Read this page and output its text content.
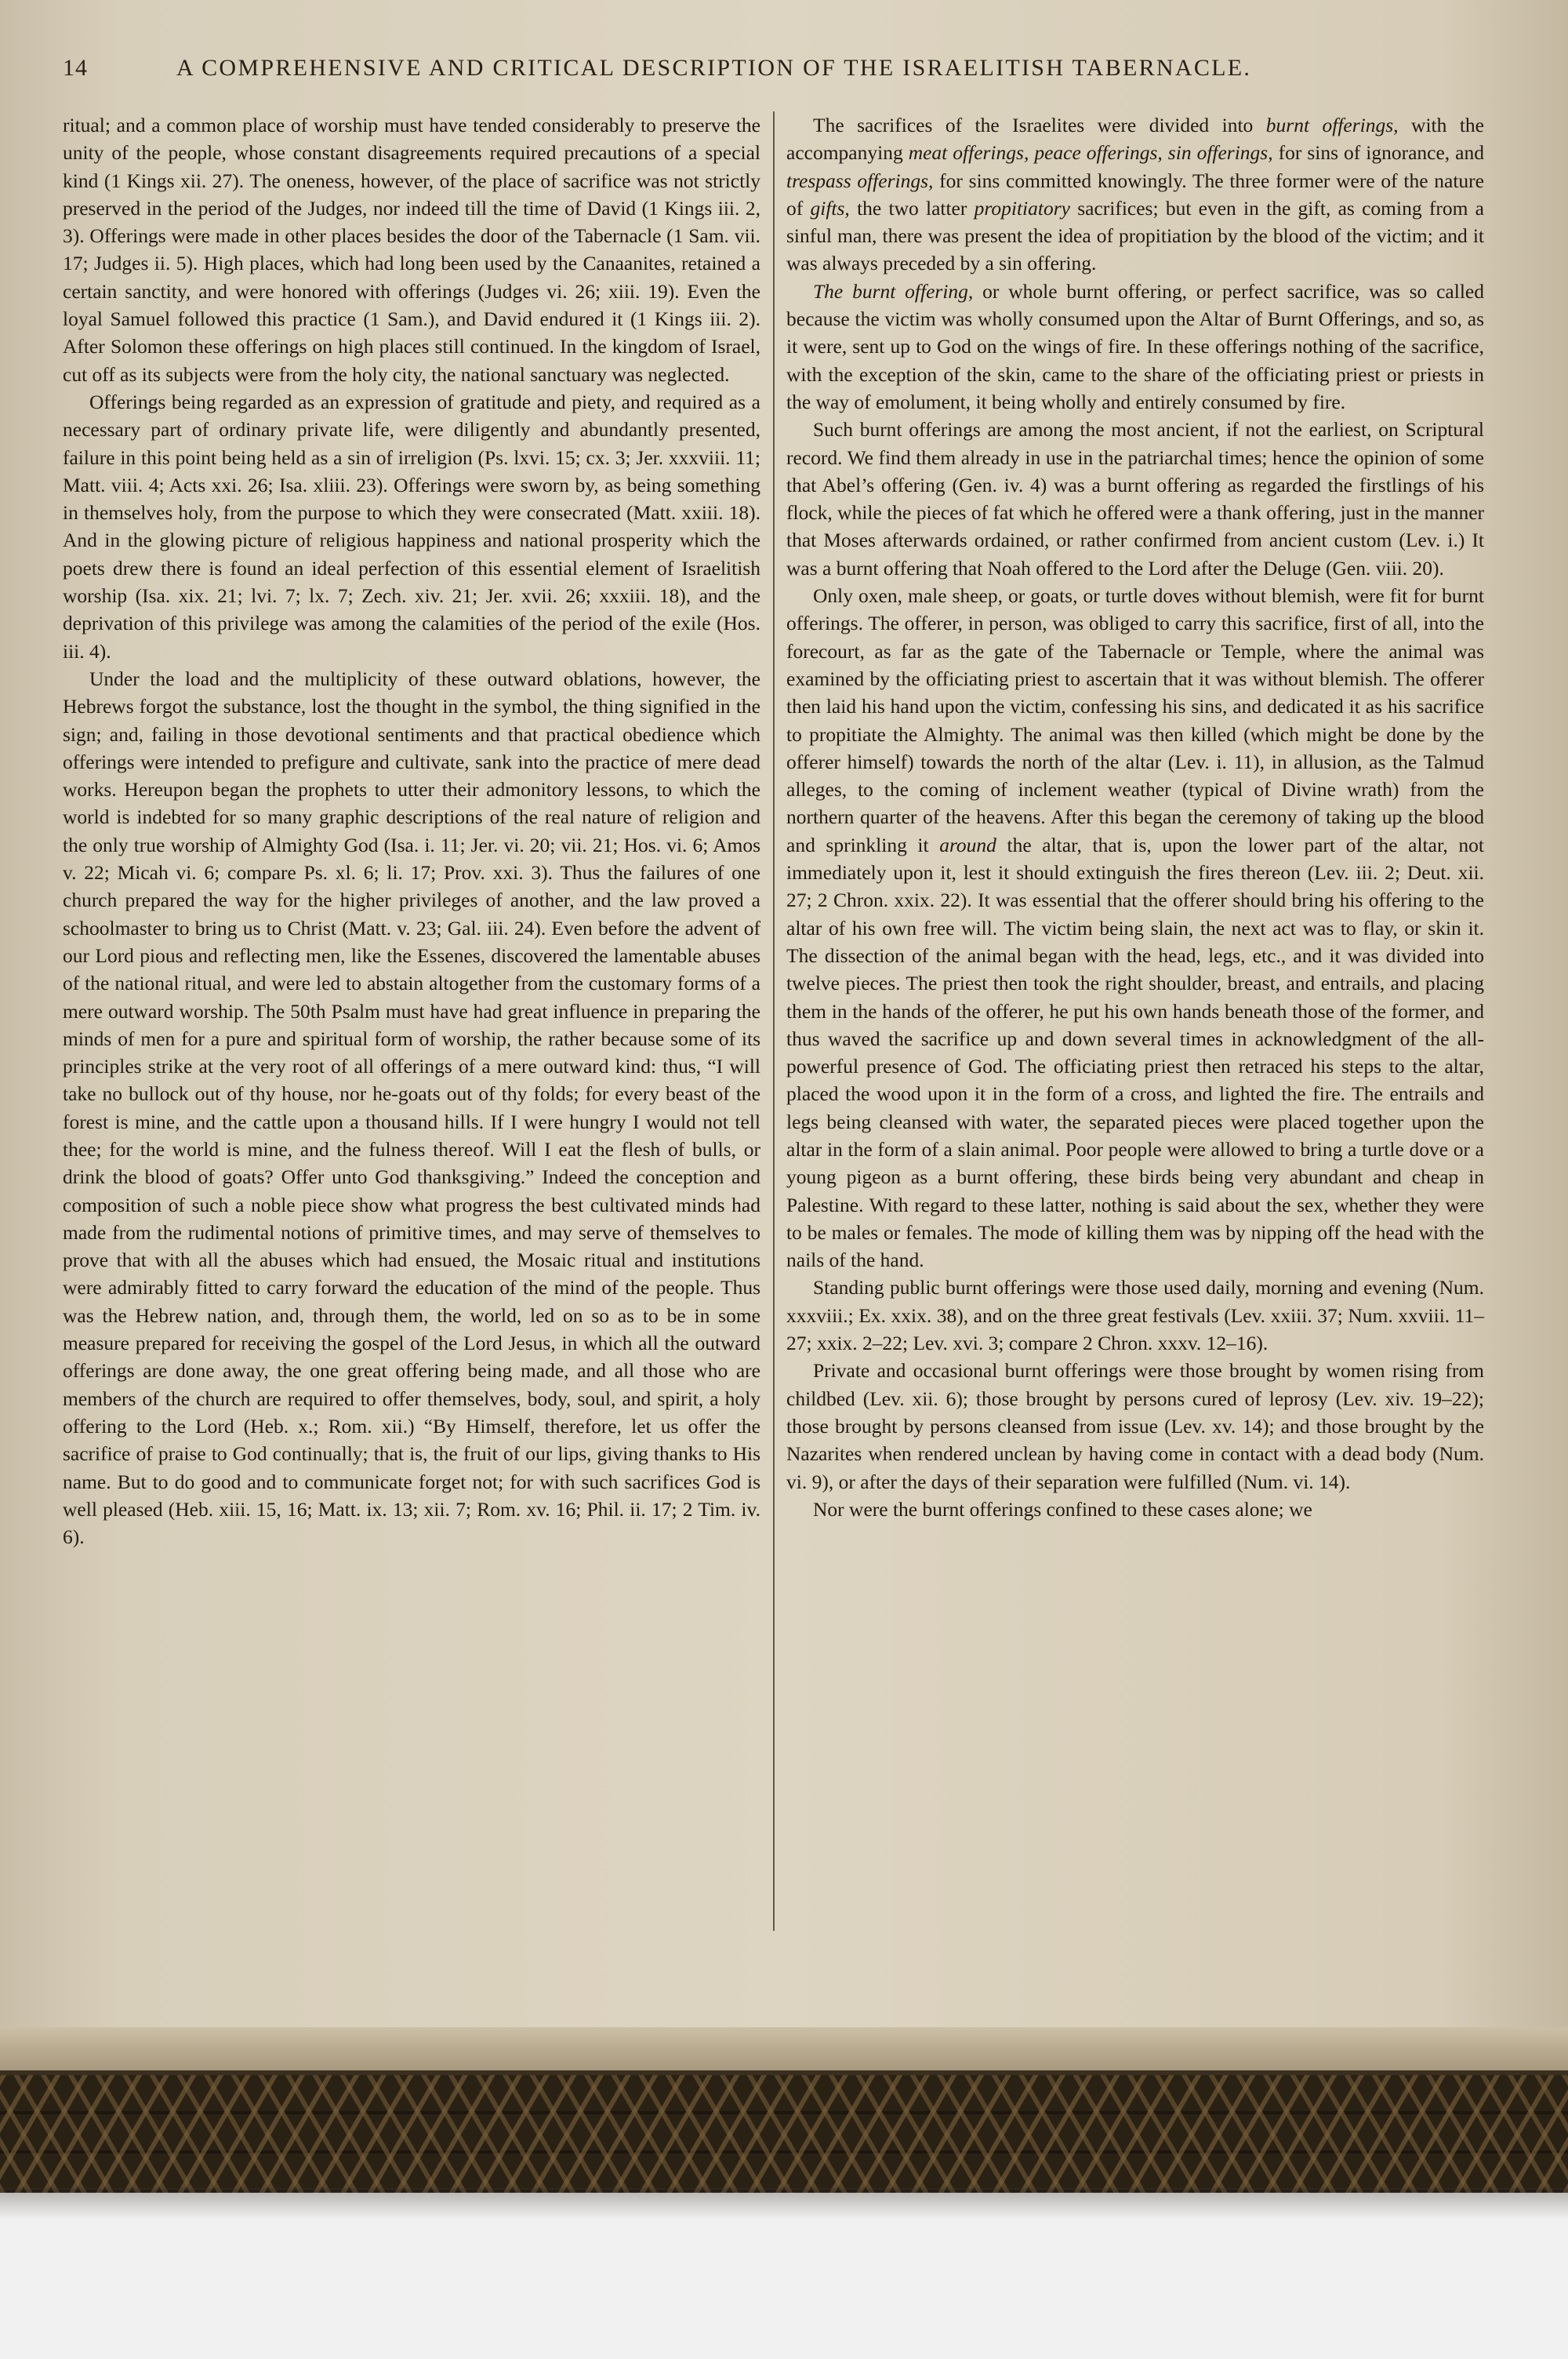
14	A COMPREHENSIVE AND CRITICAL DESCRIPTION OF THE ISRAELITISH TABERNACLE.

ritual; and a common place of worship must have tended considerably to preserve the unity of the people, whose constant disagreements required precautions of a special kind (1 Kings xii. 27). The oneness, however, of the place of sacrifice was not strictly preserved in the period of the Judges, nor indeed till the time of David (1 Kings iii. 2, 3). Offerings were made in other places besides the door of the Tabernacle (1 Sam. vii. 17; Judges ii. 5). High places, which had long been used by the Canaanites, retained a certain sanctity, and were honored with offerings (Judges vi. 26; xiii. 19). Even the loyal Samuel followed this practice (1 Sam.), and David endured it (1 Kings iii. 2). After Solomon these offerings on high places still continued. In the kingdom of Israel, cut off as its subjects were from the holy city, the national sanctuary was neglected.

Offerings being regarded as an expression of gratitude and piety, and required as a necessary part of ordinary private life, were diligently and abundantly presented, failure in this point being held as a sin of irreligion (Ps. lxvi. 15; cx. 3; Jer. xxxviii. 11; Matt. viii. 4; Acts xxi. 26; Isa. xliii. 23). Offerings were sworn by, as being something in themselves holy, from the purpose to which they were consecrated (Matt. xxiii. 18). And in the glowing picture of religious happiness and national prosperity which the poets drew there is found an ideal perfection of this essential element of Israelitish worship (Isa. xix. 21; lvi. 7; lx. 7; Zech. xiv. 21; Jer. xvii. 26; xxxiii. 18), and the deprivation of this privilege was among the calamities of the period of the exile (Hos. iii. 4).

Under the load and the multiplicity of these outward oblations, however, the Hebrews forgot the substance, lost the thought in the symbol, the thing signified in the sign; and, failing in those devotional sentiments and that practical obedience which offerings were intended to prefigure and cultivate, sank into the practice of mere dead works. Hereupon began the prophets to utter their admonitory lessons, to which the world is indebted for so many graphic descriptions of the real nature of religion and the only true worship of Almighty God (Isa. i. 11; Jer. vi. 20; vii. 21; Hos. vi. 6; Amos v. 22; Micah vi. 6; compare Ps. xl. 6; li. 17; Prov. xxi. 3). Thus the failures of one church prepared the way for the higher privileges of another, and the law proved a schoolmaster to bring us to Christ (Matt. v. 23; Gal. iii. 24). Even before the advent of our Lord pious and reflecting men, like the Essenes, discovered the lamentable abuses of the national ritual, and were led to abstain altogether from the customary forms of a mere outward worship. The 50th Psalm must have had great influence in preparing the minds of men for a pure and spiritual form of worship, the rather because some of its principles strike at the very root of all offerings of a mere outward kind: thus, “I will take no bullock out of thy house, nor he-goats out of thy folds; for every beast of the forest is mine, and the cattle upon a thousand hills. If I were hungry I would not tell thee; for the world is mine, and the fulness thereof. Will I eat the flesh of bulls, or drink the blood of goats? Offer unto God thanksgiving.” Indeed the conception and composition of such a noble piece show what progress the best cultivated minds had made from the rudimental notions of primitive times, and may serve of themselves to prove that with all the abuses which had ensued, the Mosaic ritual and institutions were admirably fitted to carry forward the education of the mind of the people. Thus was the Hebrew nation, and, through them, the world, led on so as to be in some measure prepared for receiving the gospel of the Lord Jesus, in which all the outward offerings are done away, the one great offering being made, and all those who are members of the church are required to offer themselves, body, soul, and spirit, a holy offering to the Lord (Heb. x.; Rom. xii.) “By Himself, therefore, let us offer the sacrifice of praise to God continually; that is, the fruit of our lips, giving thanks to His name. But to do good and to communicate forget not; for with such sacrifices God is well pleased (Heb. xiii. 15, 16; Matt. ix. 13; xii. 7; Rom. xv. 16; Phil. ii. 17; 2 Tim. iv. 6).

The sacrifices of the Israelites were divided into burnt offerings, with the accompanying meat offerings, peace offerings, sin offerings, for sins of ignorance, and trespass offerings, for sins committed knowingly. The three former were of the nature of gifts, the two latter propitiatory sacrifices; but even in the gift, as coming from a sinful man, there was present the idea of propitiation by the blood of the victim; and it was always preceded by a sin offering.

The burnt offering, or whole burnt offering, or perfect sacrifice, was so called because the victim was wholly consumed upon the Altar of Burnt Offerings, and so, as it were, sent up to God on the wings of fire. In these offerings nothing of the sacrifice, with the exception of the skin, came to the share of the officiating priest or priests in the way of emolument, it being wholly and entirely consumed by fire.

Such burnt offerings are among the most ancient, if not the earliest, on Scriptural record. We find them already in use in the patriarchal times; hence the opinion of some that Abel’s offering (Gen. iv. 4) was a burnt offering as regarded the firstlings of his flock, while the pieces of fat which he offered were a thank offering, just in the manner that Moses afterwards ordained, or rather confirmed from ancient custom (Lev. i.) It was a burnt offering that Noah offered to the Lord after the Deluge (Gen. viii. 20).

Only oxen, male sheep, or goats, or turtle doves without blemish, were fit for burnt offerings. The offerer, in person, was obliged to carry this sacrifice, first of all, into the forecourt, as far as the gate of the Tabernacle or Temple, where the animal was examined by the officiating priest to ascertain that it was without blemish. The offerer then laid his hand upon the victim, confessing his sins, and dedicated it as his sacrifice to propitiate the Almighty. The animal was then killed (which might be done by the offerer himself) towards the north of the altar (Lev. i. 11), in allusion, as the Talmud alleges, to the coming of inclement weather (typical of Divine wrath) from the northern quarter of the heavens. After this began the ceremony of taking up the blood and sprinkling it around the altar, that is, upon the lower part of the altar, not immediately upon it, lest it should extinguish the fires thereon (Lev. iii. 2; Deut. xii. 27; 2 Chron. xxix. 22). It was essential that the offerer should bring his offering to the altar of his own free will. The victim being slain, the next act was to flay, or skin it. The dissection of the animal began with the head, legs, etc., and it was divided into twelve pieces. The priest then took the right shoulder, breast, and entrails, and placing them in the hands of the offerer, he put his own hands beneath those of the former, and thus waved the sacrifice up and down several times in acknowledgment of the all-powerful presence of God. The officiating priest then retraced his steps to the altar, placed the wood upon it in the form of a cross, and lighted the fire. The entrails and legs being cleansed with water, the separated pieces were placed together upon the altar in the form of a slain animal. Poor people were allowed to bring a turtle dove or a young pigeon as a burnt offering, these birds being very abundant and cheap in Palestine. With regard to these latter, nothing is said about the sex, whether they were to be males or females. The mode of killing them was by nipping off the head with the nails of the hand.

Standing public burnt offerings were those used daily, morning and evening (Num. xxxviii.; Ex. xxix. 38), and on the three great festivals (Lev. xxiii. 37; Num. xxviii. 11–27; xxix. 2–22; Lev. xvi. 3; compare 2 Chron. xxxv. 12–16).

Private and occasional burnt offerings were those brought by women rising from childbed (Lev. xii. 6); those brought by persons cured of leprosy (Lev. xiv. 19–22); those brought by persons cleansed from issue (Lev. xv. 14); and those brought by the Nazarites when rendered unclean by having come in contact with a dead body (Num. vi. 9), or after the days of their separation were fulfilled (Num. vi. 14).

Nor were the burnt offerings confined to these cases alone; we
